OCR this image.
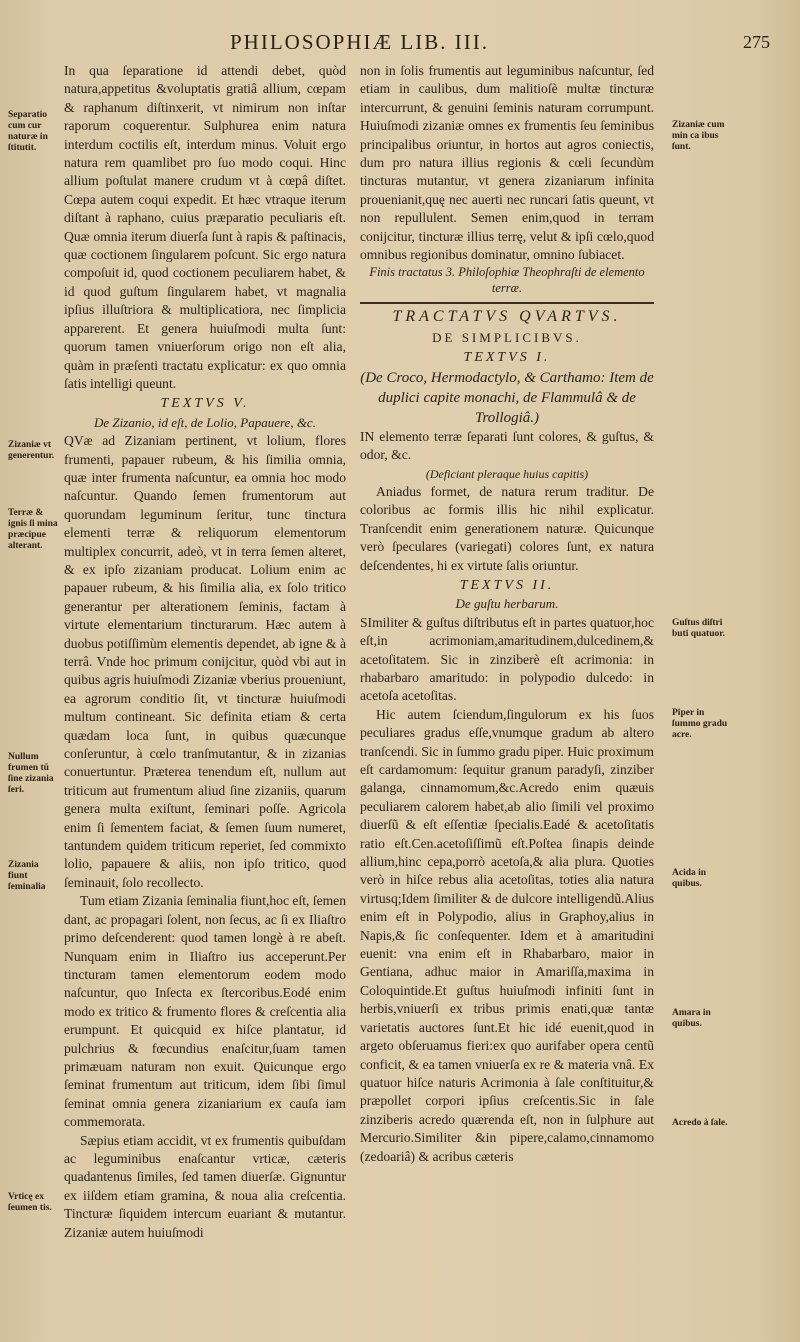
PHILOSOPHIÆ LIB. III.	275
Separatio cum cur naturæ in ſtitutit.
Zizaniæ vt generentur.
Terræ & ignis ſi mina præcipue alterant.
Nullum frumen tũ ſine zizania ſeri.
Zizania fiunt ſeminalia
Vrticę ex ſeumen tis.
Zizaniæ cum min ca ibus ſunt.
Guſtus diſtri buti quatuor.
Piper in ſummo gradu acre.
Acida in quibus.
Amara in quibus.
Acredo à ſale.

In qua ſeparatione id attendi debet, quòd natura,appetitus &voluptatis gratiâ allium, cœpam & raphanum diſtinxerit, vt nimirum non inſtar raporum coquerentur. Sulphurea enim natura interdum coctilis eſt, interdum minus. Voluit ergo natura rem quamlibet pro ſuo modo coqui. Hinc allium poſtulat manere crudum vt à cœpâ diſtet. Cœpa autem coqui expedit. Et hæc vtraque iterum diſtant à raphano, cuius præparatio peculiaris eſt. Quæ omnia iterum diuerſa ſunt à rapis & paſtinacis, quæ coctionem ſingularem poſcunt. Sic ergo natura compoſuit id, quod coctionem peculiarem habet, & id quod guſtum ſingularem habet, vt magnalia ipſius illuſtriora & multiplicatiora, nec ſimplicia apparerent. Et genera huiuſmodi multa ſunt: quorum tamen vniuerſorum origo non eſt alia, quàm in præſenti tractatu explicatur: ex quo omnia ſatis intelligi queunt.

TEXTVS V.
De Zizanio, id eſt, de Lolio, Papauere, &c.

QVæ ad Zizaniam pertinent, vt lolium, flores frumenti, papauer rubeum, & his ſimilia omnia, quæ inter frumenta naſcuntur, ea omnia hoc modo naſcuntur. Quando ſemen frumentorum aut quorundam leguminum ſeritur, tunc tinctura elementi terræ & reliquorum elementorum multiplex concurrit, adeò, vt in terra ſemen alteret, & ex ipſo zizaniam producat. Lolium enim ac papauer rubeum, & his ſimilia alia, ex ſolo tritico generantur per alterationem ſeminis, factam à virtute elementarium tincturarum. Hæc autem à duobus potiſſimùm elementis dependet, ab igne & à terrâ. Vnde hoc primum conijcitur, quòd vbi aut in quibus agris huiuſmodi Zizaniæ vberius proueniunt, ea agrorum conditio ſit, vt tincturæ huiuſmodi multum contineant. Sic definita etiam & certa quædam loca ſunt, in quibus quæcunque conſeruntur, à cœlo tranſmutantur, & in zizanias conuertuntur. Præterea tenendum eſt, nullum aut triticum aut frumentum aliud ſine zizaniis, quarum genera multa exiſtunt, ſeminari poſſe. Agricola enim ſi ſementem faciat, & ſemen ſuum numeret, tantundem quidem triticum reperiet, ſed commixto lolio, papauere & aliis, non ipſo tritico, quod ſeminauit, ſolo recollecto.

Tum etiam Zizania ſeminalia fiunt,hoc eſt, ſemen dant, ac propagari ſolent, non ſecus, ac ſi ex Iliaſtro primo deſcenderent: quod tamen longè à re abeſt. Nunquam enim in Iliaſtro ius acceperunt.Per tincturam tamen elementorum eodem modo naſcuntur, quo Inſecta ex ſtercoribus.Eodé enim modo ex tritico & frumento flores & creſcentia alia erumpunt. Et quicquid ex hiſce plantatur, id pulchrius & fœcundius enaſcitur,ſuam tamen primæuam naturam non exuit. Quicunque ergo ſeminat frumentum aut triticum, idem ſibi ſimul ſeminat omnia genera zizaniarium ex cauſa iam commemorata.

Sæpius etiam accidit, vt ex frumentis quibuſdam ac leguminibus enaſcantur vrticæ, cæteris quadantenus ſimiles, ſed tamen diuerſæ. Gignuntur ex iiſdem etiam gramina, & noua alia creſcentia. Tincturæ ſiquidem intercum euariant & mutantur. Zizaniæ autem huiuſmodi

non in ſolis frumentis aut leguminibus naſcuntur, ſed etiam in caulibus, dum malitioſè multæ tincturæ intercurrunt, & genuini ſeminis naturam corrumpunt. Huiuſmodi zizaniæ omnes ex frumentis ſeu ſeminibus principalibus oriuntur, in hortos aut agros coniectis, dum pro natura illius regionis & cœli ſecundùm tincturas mutantur, vt genera zizaniarum infinita prouenianit,quę nec auerti nec runcari ſatis queunt, vt non repullulent. Semen enim,quod in terram conijcitur, tincturæ illius terrę, velut & ipſi cœlo,quod omnibus regionibus dominatur, omnino ſubiacet.

Finis tractatus 3. Philoſophiæ Theophraſti de elemento terræ.
TRACTATVS QVARTVS.
DE SIMPLICIBVS.
TEXTVS I.
(De Croco, Hermodactylo, & Carthamo: Item de duplici capite monachi, de Flammulâ & de Trollogiâ.)

IN elemento terræ ſeparati ſunt colores, & guſtus, & odor, &c.

(Deficiant pleraque huius capitis)

Aniadus formet, de natura rerum traditur. De coloribus ac formis illis hic nihil explicatur. Tranſcendit enim generationem naturæ. Quicunque verò ſpeculares (variegati) colores ſunt, ex natura deſcendentes, hi ex virtute ſalis oriuntur.

TEXTVS II.
De guſtu herbarum.

SImiliter & guſtus diſtributus eſt in partes quatuor,hoc eſt,in acrimoniam,amaritudinem,dulcedinem,& acetoſitatem. Sic in zinziberè eſt acrimonia: in rhabarbaro amaritudo: in polypodio dulcedo: in acetoſa acetoſitas.

Hic autem ſciendum,ſingulorum ex his ſuos peculiares gradus eſſe,vnumque gradum ab altero tranſcendi. Sic in ſummo gradu piper. Huic proximum eſt cardamomum: ſequitur granum paradyſi, zinziber galanga, cinnamomum,&c.Acredo enim quæuis peculiarem calorem habet,ab alio ſimili vel proximo diuerſũ & eſt eſſentiæ ſpecialis.Eadé & acetoſitatis ratio eſt.Cen.acetoſiſſimũ eſt.Poſtea ſinapis deinde allium,hinc cepa,porrò acetoſa,& alia plura. Quoties verò in hiſce rebus alia acetoſitas, toties alia natura virtusq;Idem ſimiliter & de dulcore intelligendũ.Alius enim eſt in Polypodio, alius in Graphoy,alius in Napis,& ſic conſequenter. Idem et à amaritudini euenit: vna enim eſt in Rhabarbaro, maior in Gentiana, adhuc maior in Amariſſa,maxima in Coloquintide.Et guſtus huiuſmodi infiniti ſunt in herbis,vniuerſi ex tribus primis enati,quæ tantæ varietatis auctores ſunt.Et hic idé euenit,quod in argeto obſeruamus fieri:ex quo aurifaber opera centũ conficit, & ea tamen vniuerſa ex re & materia vnâ. Ex quatuor hiſce naturis Acrimonia à ſale conſtituitur,& præpollet corpori ipſius creſcentis.Sic in ſale zinziberis acredo quærenda eſt, non in ſulphure aut Mercurio.Similiter &in pipere,calamo,cinnamomo (zedoariâ) & acribus cæteris
